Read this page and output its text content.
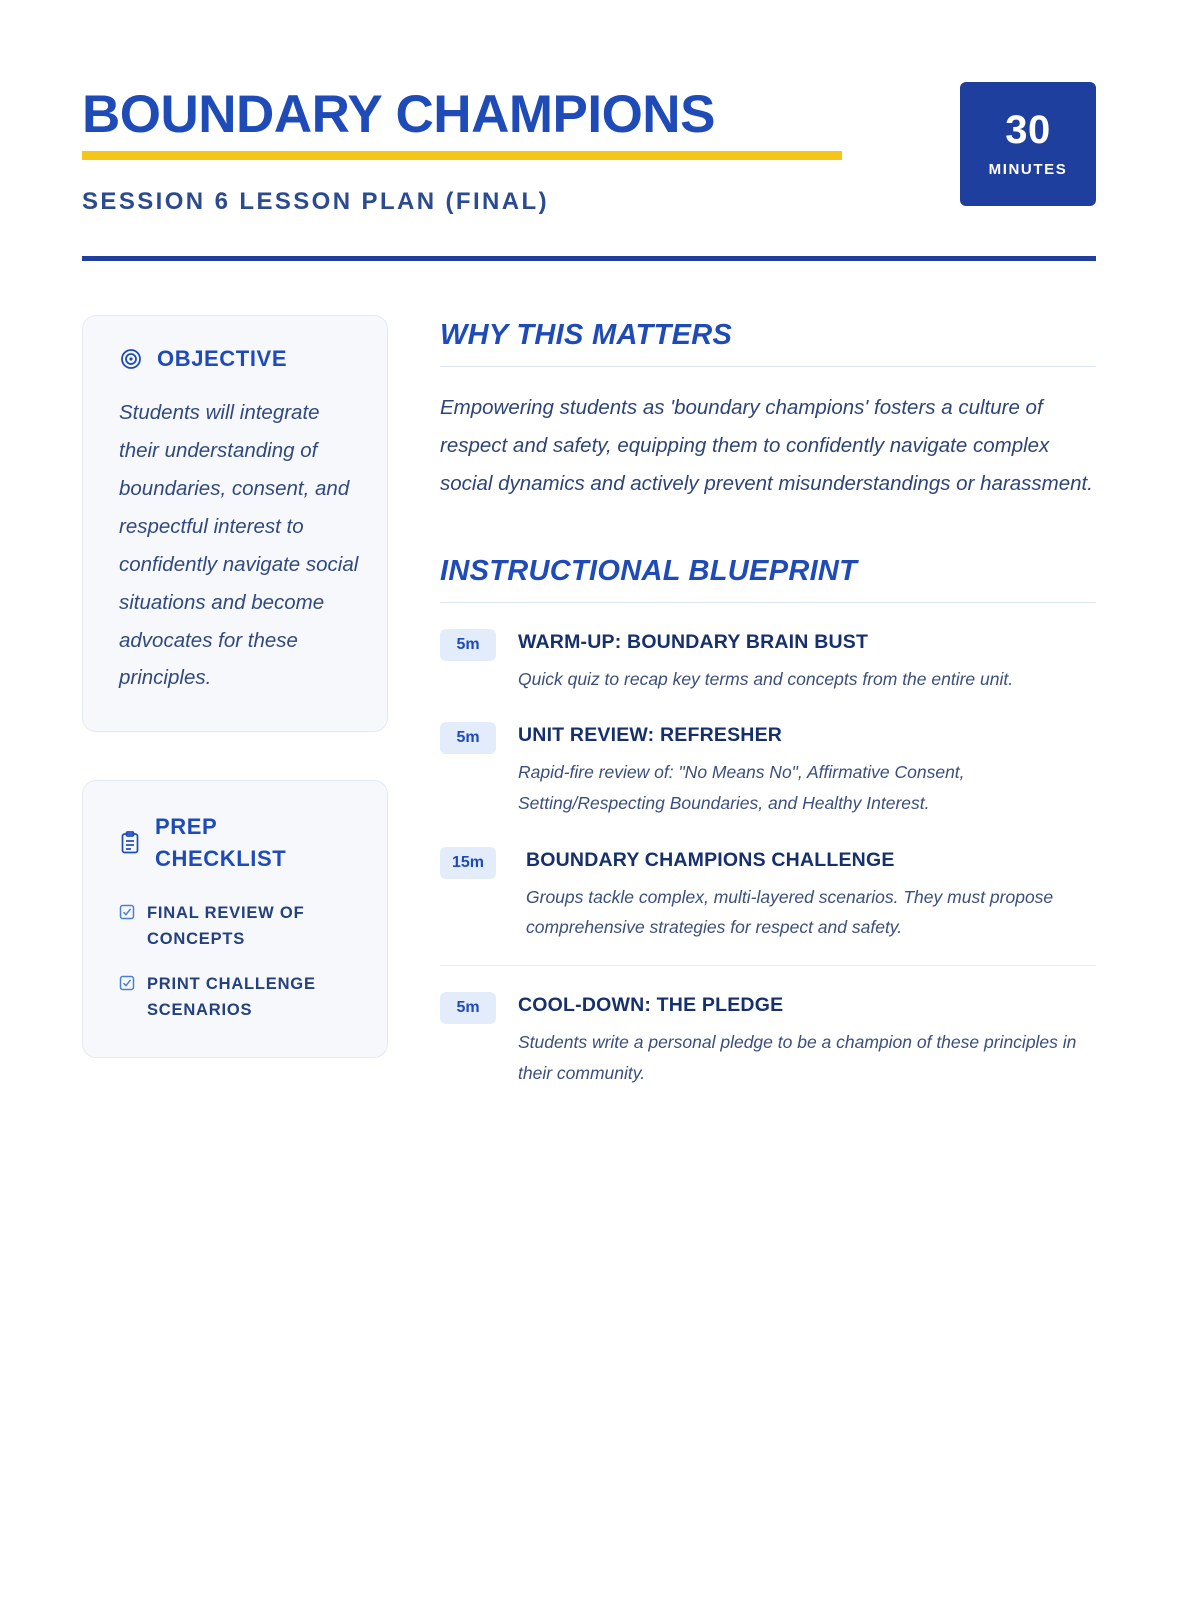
BOUNDARY CHAMPIONS
SESSION 6 LESSON PLAN (FINAL)
30
MINUTES
OBJECTIVE
Students will integrate their understanding of boundaries, consent, and respectful interest to confidently navigate social situations and become advocates for these principles.
PREP CHECKLIST
FINAL REVIEW OF CONCEPTS
PRINT CHALLENGE SCENARIOS
WHY THIS MATTERS
Empowering students as 'boundary champions' fosters a culture of respect and safety, equipping them to confidently navigate complex social dynamics and actively prevent misunderstandings or harassment.
INSTRUCTIONAL BLUEPRINT
5m	WARM-UP: BOUNDARY BRAIN BUST
Quick quiz to recap key terms and concepts from the entire unit.
5m	UNIT REVIEW: REFRESHER
Rapid-fire review of: "No Means No", Affirmative Consent, Setting/Respecting Boundaries, and Healthy Interest.
15m	BOUNDARY CHAMPIONS CHALLENGE
Groups tackle complex, multi-layered scenarios. They must propose comprehensive strategies for respect and safety.
5m	COOL-DOWN: THE PLEDGE
Students write a personal pledge to be a champion of these principles in their community.
